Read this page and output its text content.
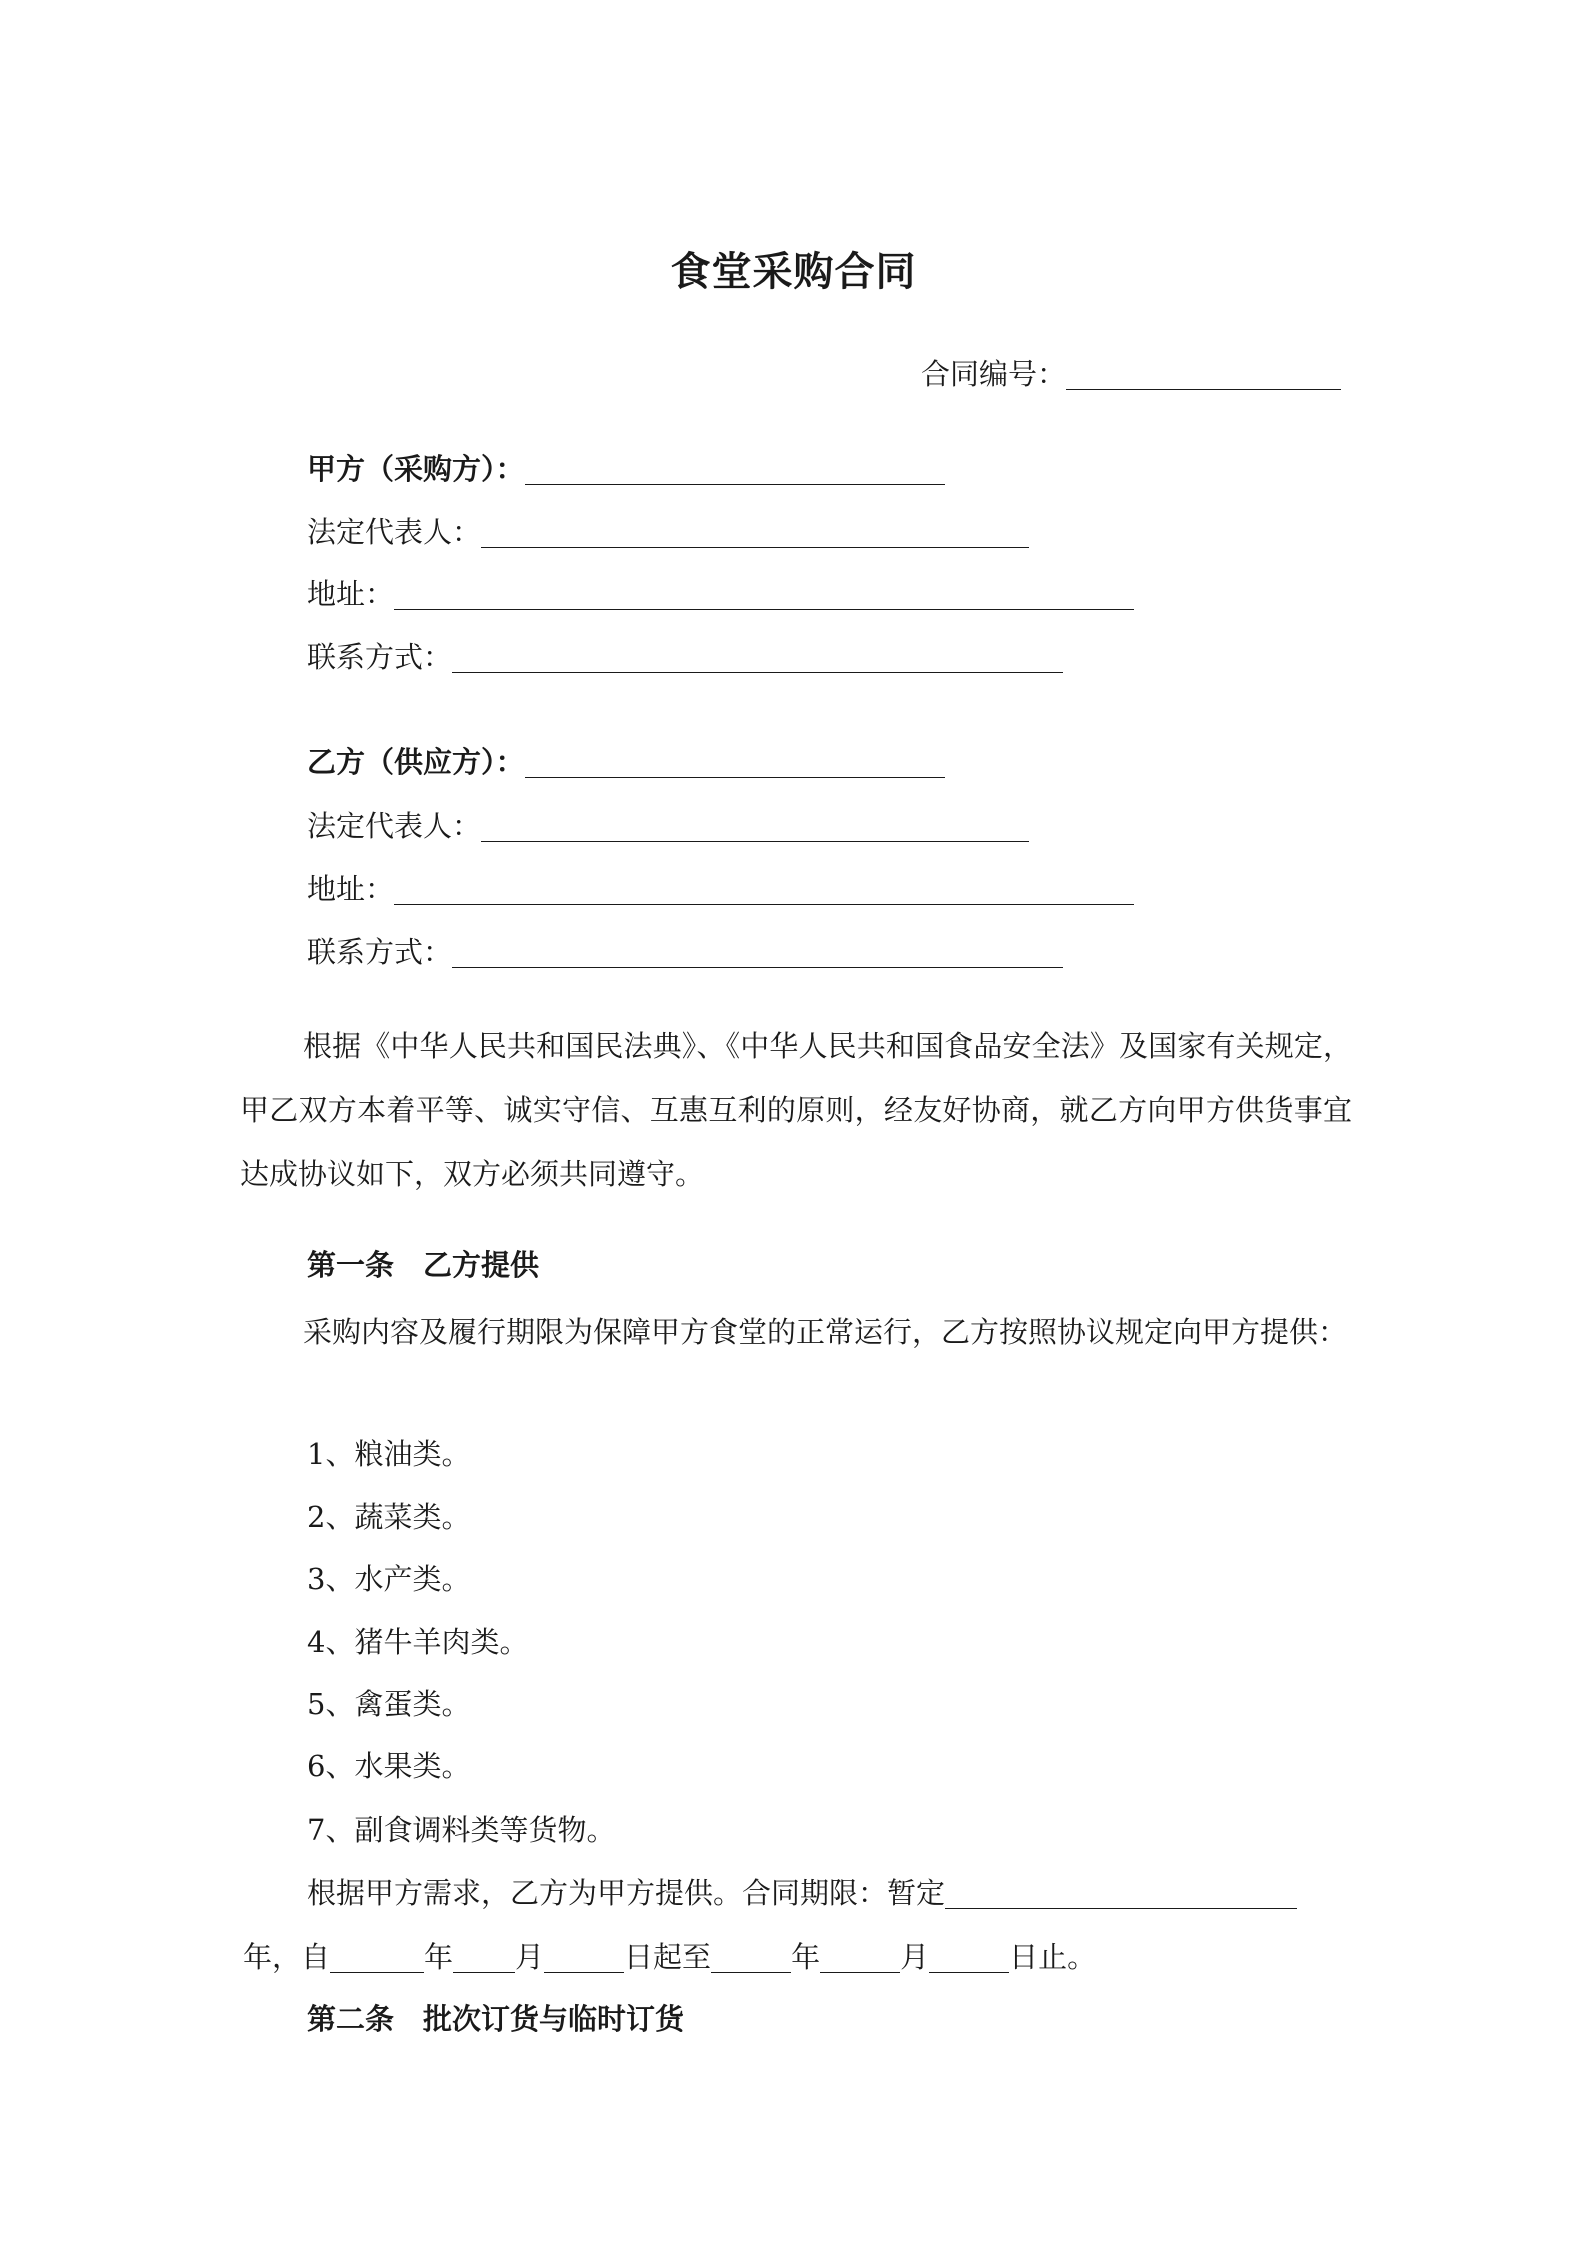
食堂采购合同
合同编号：
甲方（采购方）：
法定代表人：
地址：
联系方式：
乙方（供应方）：
法定代表人：
地址：
联系方式：
根据《中华人民共和国民法典》、《中华人民共和国食品安全法》及国家有关规定，甲乙双方本着平等、诚实守信、互惠互利的原则，经友好协商，就乙方向甲方供货事宜达成协议如下，双方必须共同遵守。
第一条　乙方提供
采购内容及履行期限为保障甲方食堂的正常运行，乙方按照协议规定向甲方提供：
1、粮油类。
2、蔬菜类。
3、水产类。
4、猪牛羊肉类。
5、禽蛋类。
6、水果类。
7、副食调料类等货物。
根据甲方需求，乙方为甲方提供。合同期限：暂定
年，自	年 月	日起至	年	月	日止。
第二条　批次订货与临时订货
